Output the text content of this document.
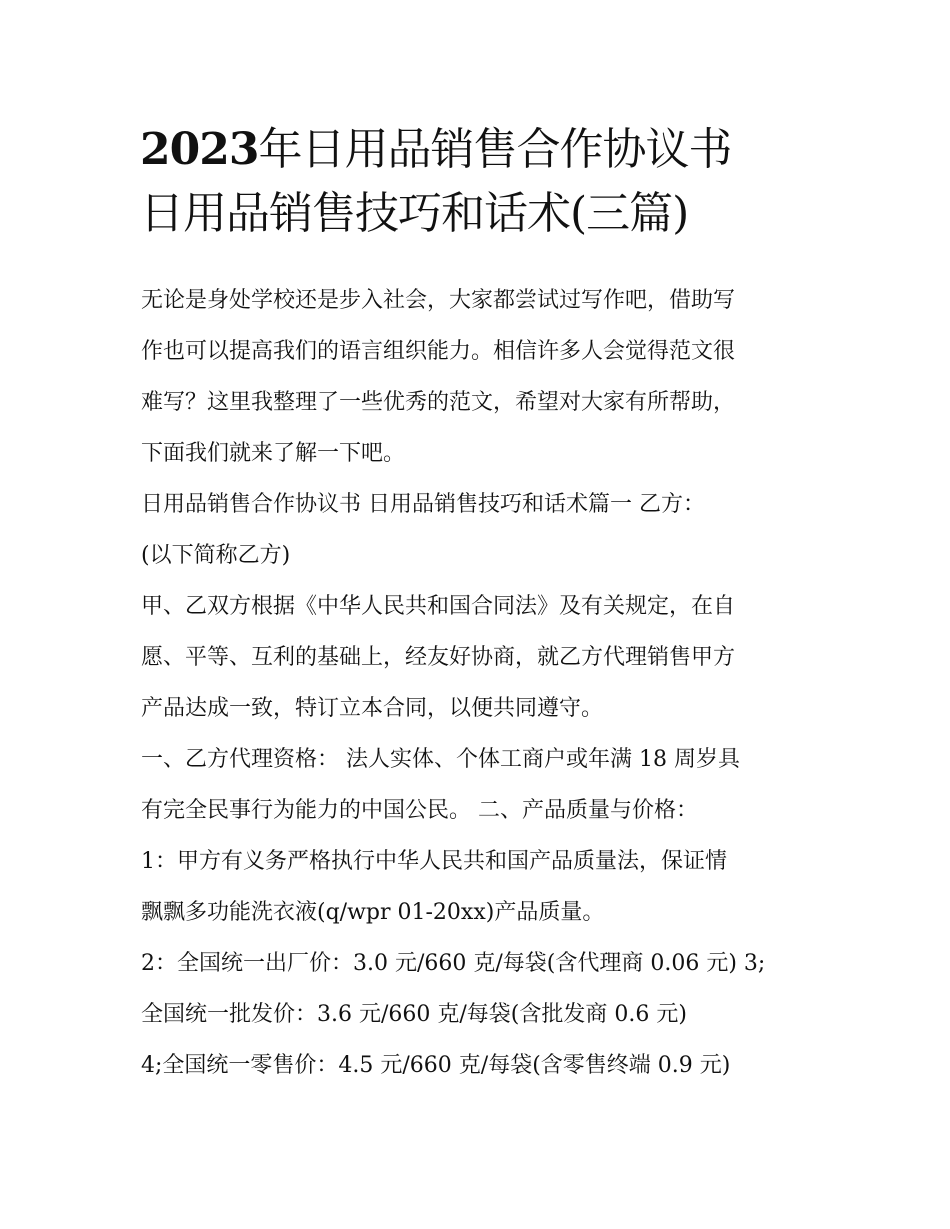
2023年日用品销售合作协议书
日用品销售技巧和话术(三篇)
无论是身处学校还是步入社会，大家都尝试过写作吧，借助写
作也可以提高我们的语言组织能力。相信许多人会觉得范文很
难写？这里我整理了一些优秀的范文，希望对大家有所帮助，
下面我们就来了解一下吧。
日用品销售合作协议书 日用品销售技巧和话术篇一 乙方：
(以下简称乙方)
甲、乙双方根据《中华人民共和国合同法》及有关规定，在自
愿、平等、互利的基础上，经友好协商，就乙方代理销售甲方
产品达成一致，特订立本合同，以便共同遵守。
一、乙方代理资格： 法人实体、个体工商户或年满 18 周岁具
有完全民事行为能力的中国公民。 二、产品质量与价格：
1：甲方有义务严格执行中华人民共和国产品质量法，保证情
飘飘多功能洗衣液(q/wpr 01-20xx)产品质量。
2：全国统一出厂价：3.0 元/660 克/每袋(含代理商 0.06 元) 3;
全国统一批发价：3.6 元/660 克/每袋(含批发商 0.6 元)
4;全国统一零售价：4.5 元/660 克/每袋(含零售终端 0.9 元)
